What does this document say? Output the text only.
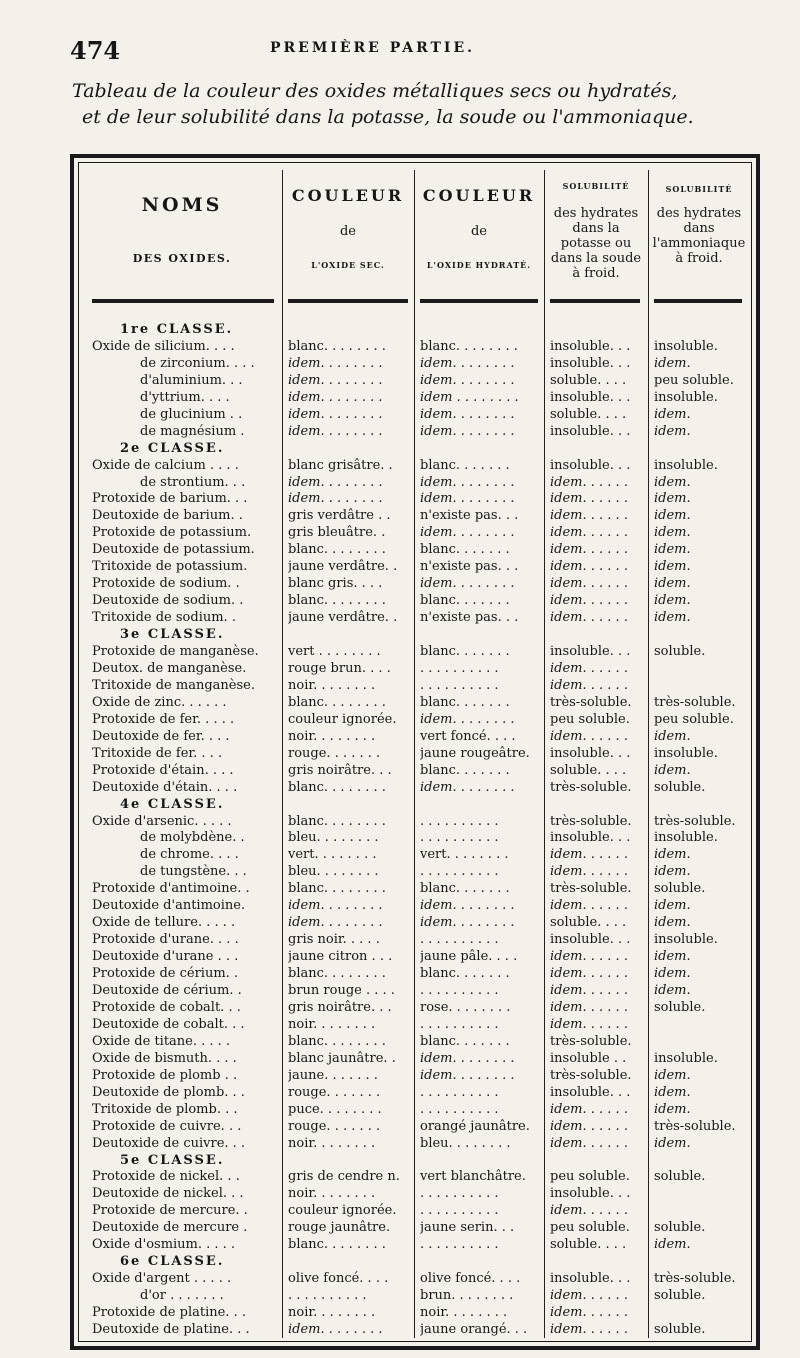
474	PREMIÈRE PARTIE.
Tableau de la couleur des oxides métalliques secs ou hydratés,
et de leur solubilité dans la potasse, la soude ou l'ammoniaque.
NOMS
DES OXIDES.
COULEUR
de
L'OXIDE SEC.
COULEUR
de
L'OXIDE HYDRATÉ.
SOLUBILITÉ
des hydrates dans la potasse ou dans la soude à froid.
SOLUBILITÉ
des hydrates dans l'ammoniaque à froid.
1re CLASSE.
Oxide de silicium. . . .	blanc. . . . . . . .	blanc. . . . . . . .	insoluble. . .	insoluble.
de zirconium. . . .	idem. . . . . . . .	idem. . . . . . . .	insoluble. . .	idem.
d'aluminium. . .	idem. . . . . . . .	idem. . . . . . . .	soluble. . . .	peu soluble.
d'yttrium. . . .	idem. . . . . . . .	idem . . . . . . . .	insoluble. . .	insoluble.
de glucinium . .	idem. . . . . . . .	idem. . . . . . . .	soluble. . . .	idem.
de magnésium .	idem. . . . . . . .	idem. . . . . . . .	insoluble. . .	idem.
2e CLASSE.
Oxide de calcium . . . .	blanc grisâtre. .	blanc. . . . . . .	insoluble. . .	insoluble.
de strontium. . .	idem. . . . . . . .	idem. . . . . . . .	idem. . . . . .	idem.
Protoxide de barium. . .	idem. . . . . . . .	idem. . . . . . . .	idem. . . . . .	idem.
Deutoxide de barium. .	gris verdâtre . .	n'existe pas. . .	idem. . . . . .	idem.
Protoxide de potassium.	gris bleuâtre. .	idem. . . . . . . .	idem. . . . . .	idem.
Deutoxide de potassium.	blanc. . . . . . . .	blanc. . . . . . .	idem. . . . . .	idem.
Tritoxide de potassium.	jaune verdâtre. .	n'existe pas. . .	idem. . . . . .	idem.
Protoxide de sodium. .	blanc gris. . . .	idem. . . . . . . .	idem. . . . . .	idem.
Deutoxide de sodium. .	blanc. . . . . . . .	blanc. . . . . . .	idem. . . . . .	idem.
Tritoxide de sodium. .	jaune verdâtre. .	n'existe pas. . .	idem. . . . . .	idem.
3e CLASSE.
Protoxide de manganèse.	vert . . . . . . . .	blanc. . . . . . .	insoluble. . .	soluble.
Deutox. de manganèse.	rouge brun. . . .	. . . . . . . . . .	idem. . . . . .
Tritoxide de manganèse.	noir. . . . . . . .	. . . . . . . . . .	idem. . . . . .
Oxide de zinc. . . . . .	blanc. . . . . . . .	blanc. . . . . . .	très-soluble.	très-soluble.
Protoxide de fer. . . . .	couleur ignorée.	idem. . . . . . . .	peu soluble.	peu soluble.
Deutoxide de fer. . . .	noir. . . . . . . .	vert foncé. . . .	idem. . . . . .	idem.
Tritoxide de fer. . . .	rouge. . . . . . .	jaune rougeâtre.	insoluble. . .	insoluble.
Protoxide d'étain. . . .	gris noirâtre. . .	blanc. . . . . . .	soluble. . . .	idem.
Deutoxide d'étain. . . .	blanc. . . . . . . .	idem. . . . . . . .	très-soluble.	soluble.
4e CLASSE.
Oxide d'arsenic. . . . .	blanc. . . . . . . .	. . . . . . . . . .	très-soluble.	très-soluble.
de molybdène. .	bleu. . . . . . . .	. . . . . . . . . .	insoluble. . .	insoluble.
de chrome. . . .	vert. . . . . . . .	vert. . . . . . . .	idem. . . . . .	idem.
de tungstène. . .	bleu. . . . . . . .	. . . . . . . . . .	idem. . . . . .	idem.
Protoxide d'antimoine. .	blanc. . . . . . . .	blanc. . . . . . .	très-soluble.	soluble.
Deutoxide d'antimoine.	idem. . . . . . . .	idem. . . . . . . .	idem. . . . . .	idem.
Oxide de tellure. . . . .	idem. . . . . . . .	idem. . . . . . . .	soluble. . . .	idem.
Protoxide d'urane. . . .	gris noir. . . . .	. . . . . . . . . .	insoluble. . .	insoluble.
Deutoxide d'urane . . .	jaune citron . . .	jaune pâle. . . .	idem. . . . . .	idem.
Protoxide de cérium. .	blanc. . . . . . . .	blanc. . . . . . .	idem. . . . . .	idem.
Deutoxide de cérium. .	brun rouge . . . .	. . . . . . . . . .	idem. . . . . .	idem.
Protoxide de cobalt. . .	gris noirâtre. . .	rose. . . . . . . .	idem. . . . . .	soluble.
Deutoxide de cobalt. . .	noir. . . . . . . .	. . . . . . . . . .	idem. . . . . .
Oxide de titane. . . . .	blanc. . . . . . . .	blanc. . . . . . .	très-soluble.
Oxide de bismuth. . . .	blanc jaunâtre. .	idem. . . . . . . .	insoluble . .	insoluble.
Protoxide de plomb . .	jaune. . . . . . .	idem. . . . . . . .	très-soluble.	idem.
Deutoxide de plomb. . .	rouge. . . . . . .	. . . . . . . . . .	insoluble. . .	idem.
Tritoxide de plomb. . .	puce. . . . . . . .	. . . . . . . . . .	idem. . . . . .	idem.
Protoxide de cuivre. . .	rouge. . . . . . .	orangé jaunâtre.	idem. . . . . .	très-soluble.
Deutoxide de cuivre. . .	noir. . . . . . . .	bleu. . . . . . . .	idem. . . . . .	idem.
5e CLASSE.
Protoxide de nickel. . .	gris de cendre n.	vert blanchâtre.	peu soluble.	soluble.
Deutoxide de nickel. . .	noir. . . . . . . .	. . . . . . . . . .	insoluble. . .
Protoxide de mercure. .	couleur ignorée.	. . . . . . . . . .	idem. . . . . .
Deutoxide de mercure .	rouge jaunâtre.	jaune serin. . .	peu soluble.	soluble.
Oxide d'osmium. . . . .	blanc. . . . . . . .	. . . . . . . . . .	soluble. . . .	idem.
6e CLASSE.
Oxide d'argent . . . . .	olive foncé. . . .	olive foncé. . . .	insoluble. . .	très-soluble.
d'or . . . . . . .	. . . . . . . . . .	brun. . . . . . . .	idem. . . . . .	soluble.
Protoxide de platine. . .	noir. . . . . . . .	noir. . . . . . . .	idem. . . . . .
Deutoxide de platine. . .	idem. . . . . . . .	jaune orangé. . .	idem. . . . . .	soluble.
